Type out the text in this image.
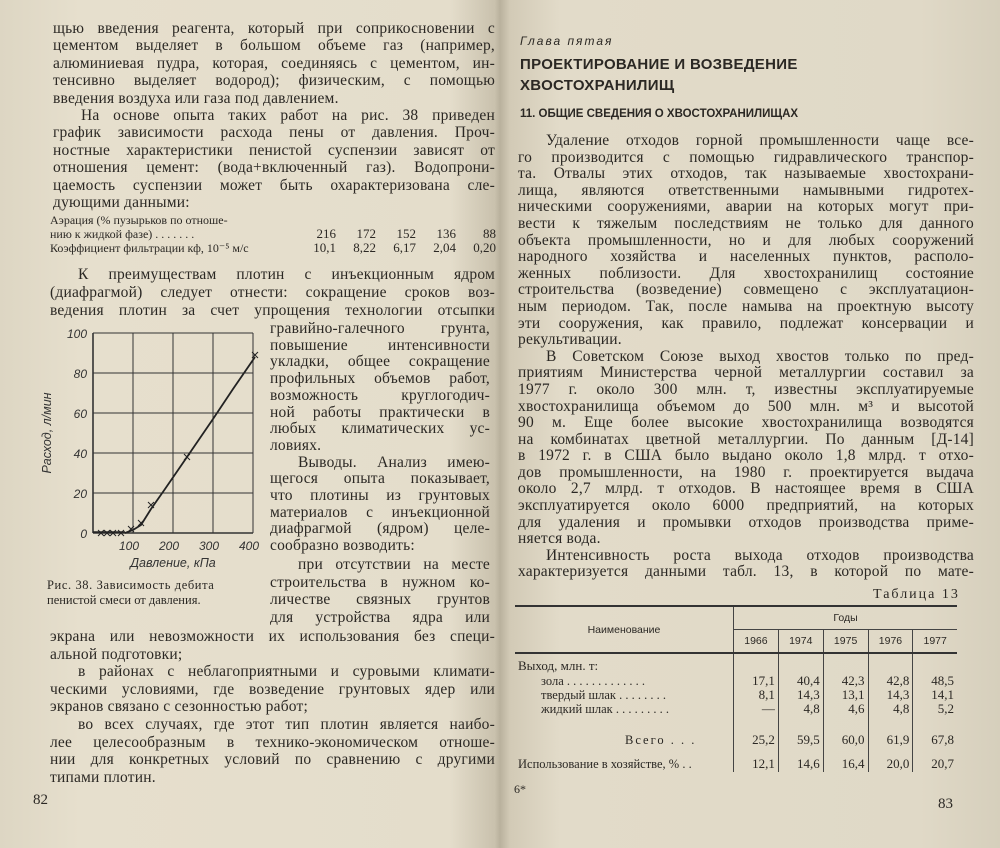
щью введения реагента, который при соприкосновении с
цементом выделяет в большом объеме газ (например,
алюминиевая пудра, которая, соединяясь с цементом, ин-
тенсивно выделяет водород); физическим, с помощью
введения воздуха или газа под давлением.
На основе опыта таких работ на рис. 38 приведен
график зависимости расхода пены от давления. Проч-
ностные характеристики пенистой суспензии зависят от
отношения цемент: (вода+включенный газ). Водопрони-
цаемость суспензии может быть охарактеризована сле-
дующими данными:
Аэрация (% пузырьков по отноше-
нию к жидкой фазе) . . . . . . .	216	172	152	136	88
Коэффициент фильтрации кф, 10⁻⁵ м/с	10,1	8,22	6,17	2,04	0,20
К преимуществам плотин с инъекционным ядром
(диафрагмой) следует отнести: сокращение сроков воз-
ведения плотин за счет упрощения технологии отсыпки
гравийно-галечного грунта,
повышение интенсивности
укладки, общее сокращение
профильных объемов работ,
возможность круглогодич-
ной работы практически в
любых климатических ус-
ловиях.
Выводы. Анализ имею-
щегося опыта показывает,
что плотины из грунтовых
материалов с инъекционной
диафрагмой (ядром) целе-
сообразно возводить:
при отсутствии на месте
строительства в нужном ко-
личестве связных грунтов
для устройства ядра или
экрана или невозможности их использования без специ-
альной подготовки;
в районах с неблагоприятными и суровыми климати-
ческими условиями, где возведение грунтовых ядер или
экранов связано с сезонностью работ;
во всех случаях, где этот тип плотин является наибо-
лее целесообразным в технико-экономическом отноше-
нии для конкретных условий по сравнению с другими
типами плотин.
0
20
40
60
80
100
100 200 300 400
Давление, кПа
Расход, л/мин
Рис. 38. Зависимость дебита
пенистой смеси от давления.
82
Глава пятая
ПРОЕКТИРОВАНИЕ И ВОЗВЕДЕНИЕ
ХВОСТОХРАНИЛИЩ
11. ОБЩИЕ СВЕДЕНИЯ О ХВОСТОХРАНИЛИЩАХ
Удаление отходов горной промышленности чаще все-
го производится с помощью гидравлического транспор-
та. Отвалы этих отходов, так называемые хвостохрани-
лища, являются ответственными намывными гидротех-
ническими сооружениями, аварии на которых могут при-
вести к тяжелым последствиям не только для данного
объекта промышленности, но и для любых сооружений
народного хозяйства и населенных пунктов, располо-
женных поблизости. Для хвостохранилищ состояние
строительства (возведение) совмещено с эксплуатацион-
ным периодом. Так, после намыва на проектную высоту
эти сооружения, как правило, подлежат консервации и
рекультивации.
В Советском Союзе выход хвостов только по пред-
приятиям Министерства черной металлургии составил за
1977 г. около 300 млн. т, известны эксплуатируемые
хвостохранилища объемом до 500 млн. м³ и высотой
90 м. Еще более высокие хвостохранилища возводятся
на комбинатах цветной металлургии. По данным [Д-14]
в 1972 г. в США было выдано около 1,8 млрд. т отхо-
дов промышленности, на 1980 г. проектируется выдача
около 2,7 млрд. т отходов. В настоящее время в США
эксплуатируется около 6000 предприятий, на которых
для удаления и промывки отходов производства приме-
няется вода.
Интенсивность роста выхода отходов производства
характеризуется данными табл. 13, в которой по мате-
Таблица 13
Наименование	Годы				
	1966	1974	1975	1976	1977
Выход, млн. т:					
зола . . . . . . . . . . . . .	17,1	40,4	42,3	42,8	48,5
твердый шлак . . . . . . . .	8,1	14,3	13,1	14,3	14,1
жидкий шлак . . . . . . . . .	—	4,8	4,6	4,8	5,2
Всего . . .	25,2	59,5	60,0	61,9	67,8
Использование в хозяйстве, % . .	12,1	14,6	16,4	20,0	20,7
6*
83
